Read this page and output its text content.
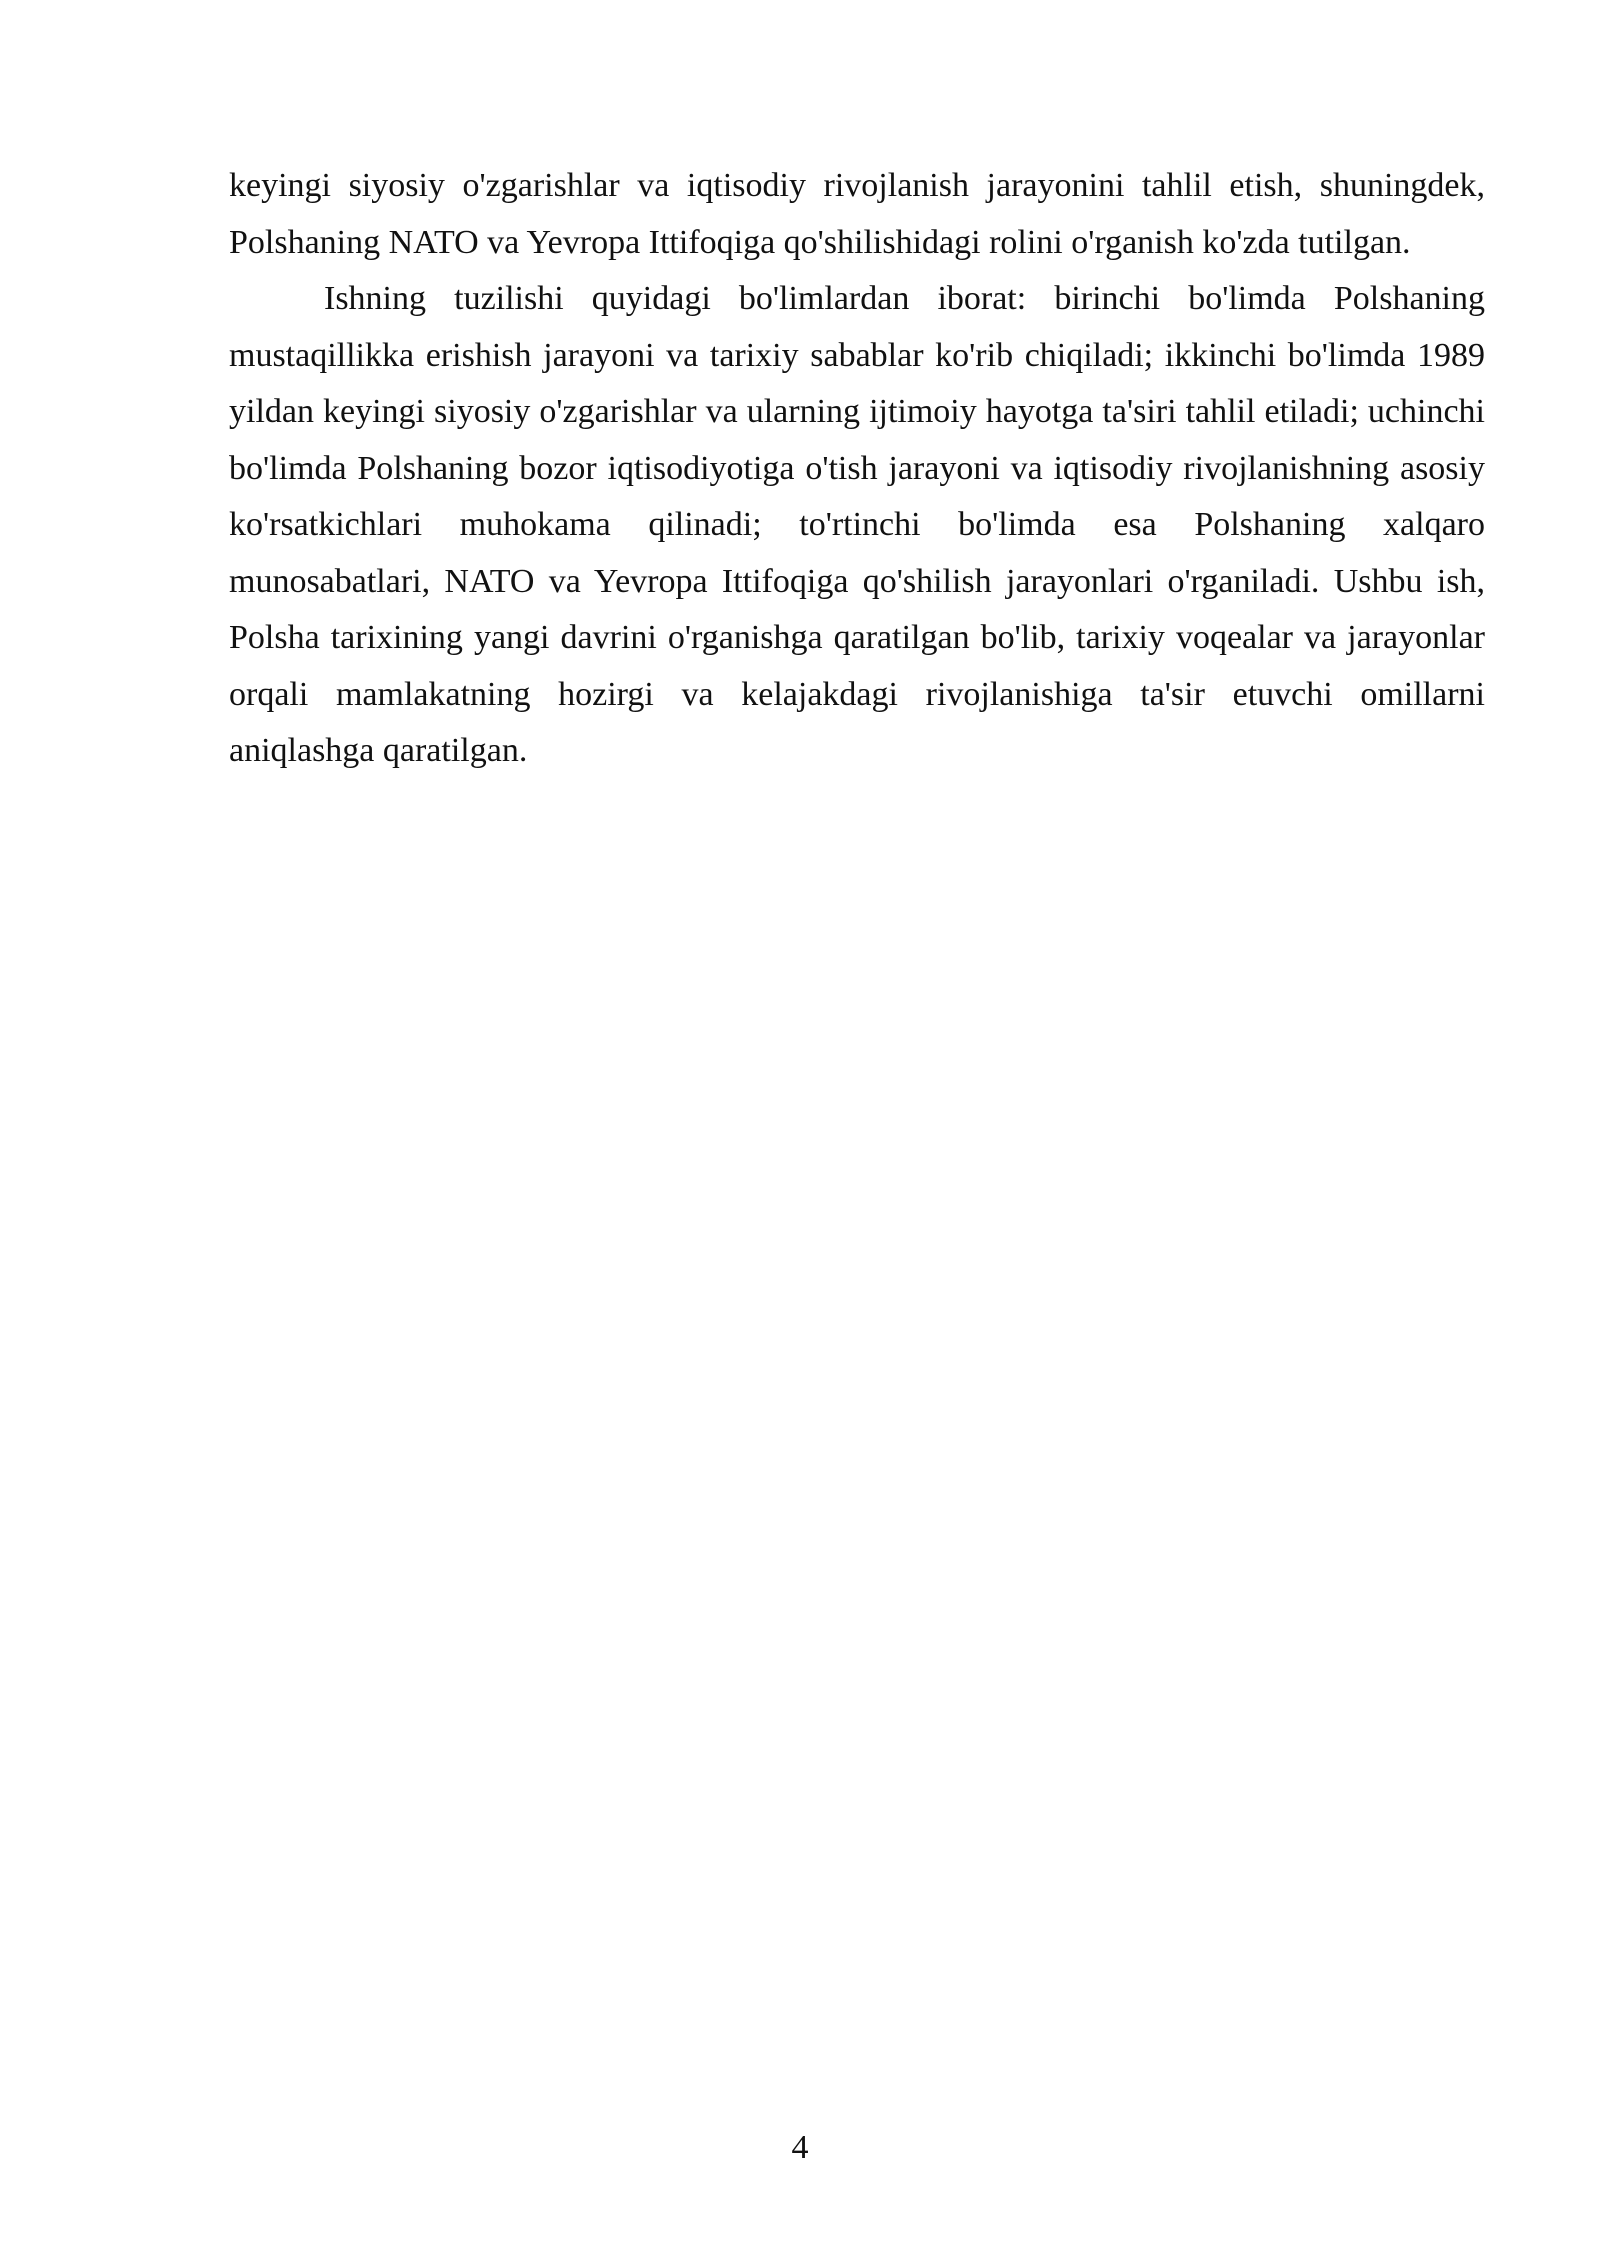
keyingi siyosiy o'zgarishlar va iqtisodiy rivojlanish jarayonini tahlil etish, shuningdek, Polshaning NATO va Yevropa Ittifoqiga qo'shilishidagi rolini o'rganish ko'zda tutilgan.

Ishning tuzilishi quyidagi bo'limlardan iborat: birinchi bo'limda Polshaning mustaqillikka erishish jarayoni va tarixiy sabablar ko'rib chiqiladi; ikkinchi bo'limda 1989 yildan keyingi siyosiy o'zgarishlar va ularning ijtimoiy hayotga ta'siri tahlil etiladi; uchinchi bo'limda Polshaning bozor iqtisodiyotiga o'tish jarayoni va iqtisodiy rivojlanishning asosiy ko'rsatkichlari muhokama qilinadi; to'rtinchi bo'limda esa Polshaning xalqaro munosabatlari, NATO va Yevropa Ittifoqiga qo'shilish jarayonlari o'rganiladi. Ushbu ish, Polsha tarixining yangi davrini o'rganishga qaratilgan bo'lib, tarixiy voqealar va jarayonlar orqali mamlakatning hozirgi va kelajakdagi rivojlanishiga ta'sir etuvchi omillarni aniqlashga qaratilgan.

4
